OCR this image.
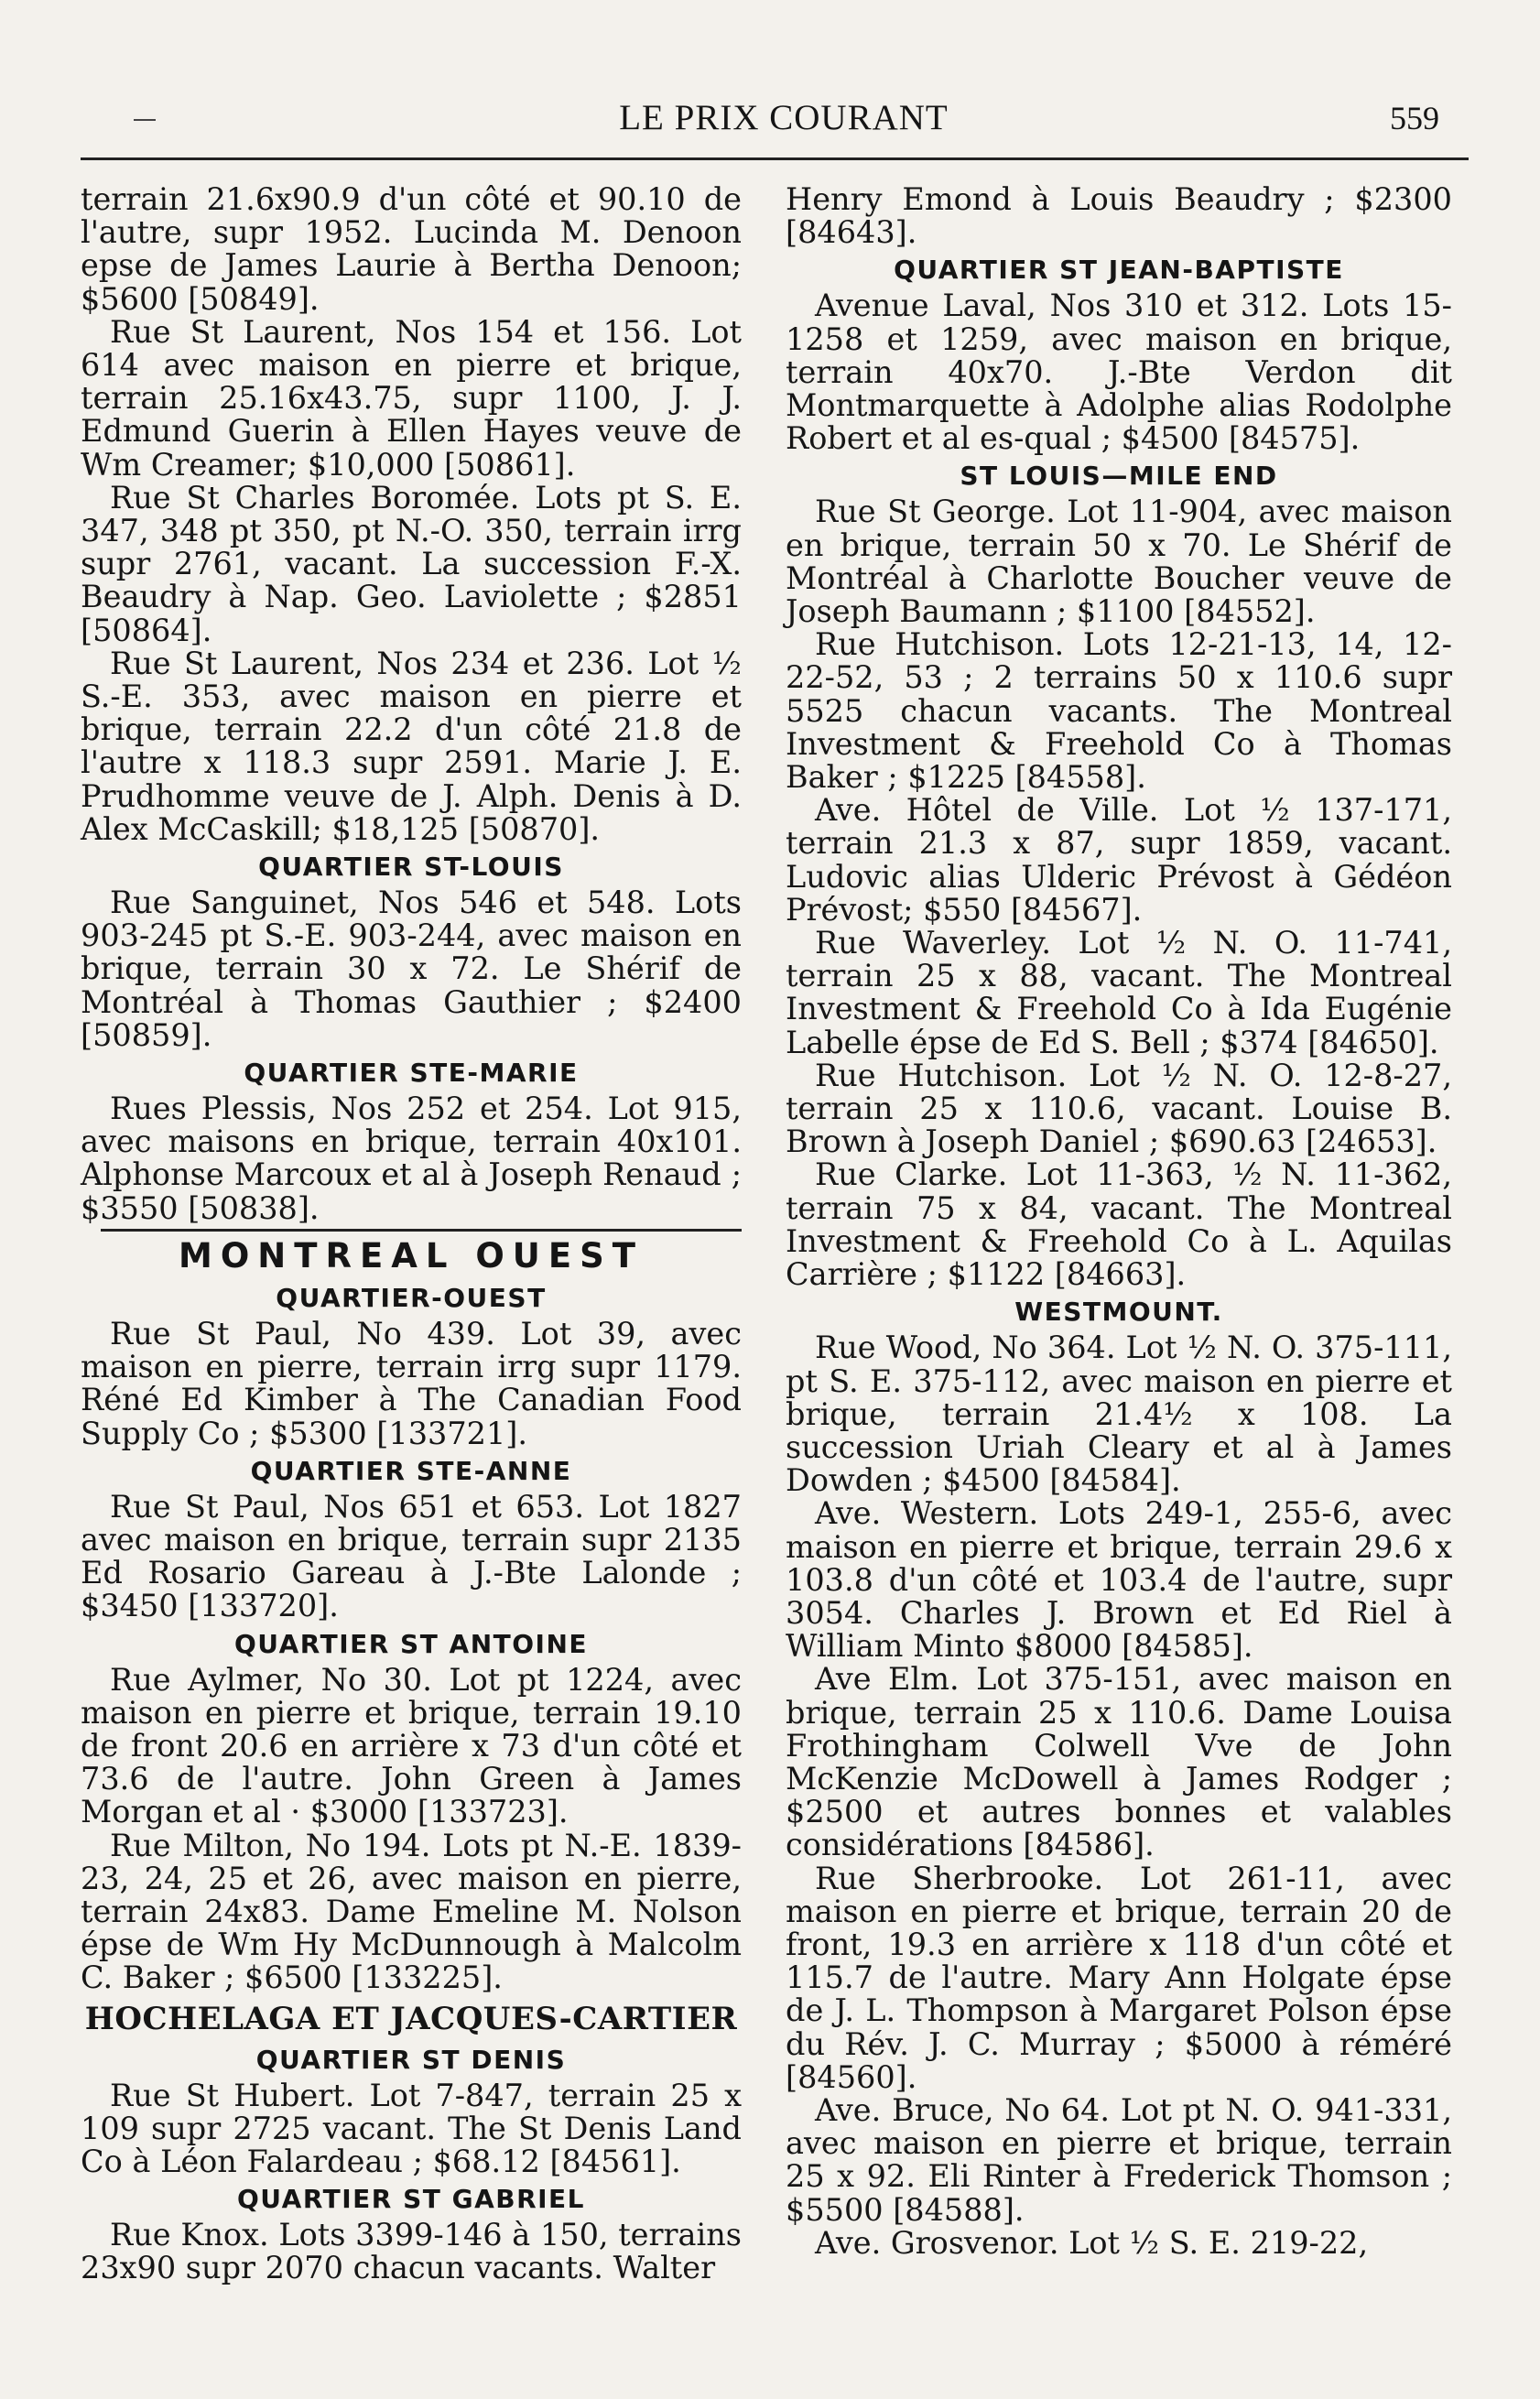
LE PRIX COURANT	559
terrain 21.6x90.9 d'un côté et 90.10 de l'autre, supr 1952. Lucinda M. Denoon epse de James Laurie à Bertha Denoon; $5600 [50849].
Rue St Laurent, Nos 154 et 156. Lot 614 avec maison en pierre et brique, terrain 25.16x43.75, supr 1100, J. J. Edmund Guerin à Ellen Hayes veuve de Wm Creamer; $10,000 [50861].
Rue St Charles Boromée. Lots pt S. E. 347, 348 pt 350, pt N.-O. 350, terrain irrg supr 2761, vacant. La succession F.-X. Beaudry à Nap. Geo. Laviolette ; $2851 [50864].
Rue St Laurent, Nos 234 et 236. Lot ½ S.-E. 353, avec maison en pierre et brique, terrain 22.2 d'un côté 21.8 de l'autre x 118.3 supr 2591. Marie J. E. Prudhomme veuve de J. Alph. Denis à D. Alex McCaskill; $18,125 [50870].
QUARTIER ST-LOUIS
Rue Sanguinet, Nos 546 et 548. Lots 903-245 pt S.-E. 903-244, avec maison en brique, terrain 30 x 72. Le Shérif de Montréal à Thomas Gauthier ; $2400 [50859].
QUARTIER STE-MARIE
Rues Plessis, Nos 252 et 254. Lot 915, avec maisons en brique, terrain 40x101. Alphonse Marcoux et al à Joseph Renaud ; $3550 [50838].
MONTREAL OUEST
QUARTIER-OUEST
Rue St Paul, No 439. Lot 39, avec maison en pierre, terrain irrg supr 1179. Réné Ed Kimber à The Canadian Food Supply Co ; $5300 [133721].
QUARTIER STE-ANNE
Rue St Paul, Nos 651 et 653. Lot 1827 avec maison en brique, terrain supr 2135 Ed Rosario Gareau à J.-Bte Lalonde ; $3450 [133720].
QUARTIER ST ANTOINE
Rue Aylmer, No 30. Lot pt 1224, avec maison en pierre et brique, terrain 19.10 de front 20.6 en arrière x 73 d'un côté et 73.6 de l'autre. John Green à James Morgan et al · $3000 [133723].
Rue Milton, No 194. Lots pt N.-E. 1839-23, 24, 25 et 26, avec maison en pierre, terrain 24x83. Dame Emeline M. Nolson épse de Wm Hy McDunnough à Malcolm C. Baker ; $6500 [133225].
HOCHELAGA ET JACQUES-CARTIER
QUARTIER ST DENIS
Rue St Hubert. Lot 7-847, terrain 25 x 109 supr 2725 vacant. The St Denis Land Co à Léon Falardeau ; $68.12 [84561].
QUARTIER ST GABRIEL
Rue Knox. Lots 3399-146 à 150, terrains 23x90 supr 2070 chacun vacants. Walter
Henry Emond à Louis Beaudry ; $2300 [84643].
QUARTIER ST JEAN-BAPTISTE
Avenue Laval, Nos 310 et 312. Lots 15-1258 et 1259, avec maison en brique, terrain 40x70. J.-Bte Verdon dit Montmarquette à Adolphe alias Rodolphe Robert et al es-qual ; $4500 [84575].
ST LOUIS—MILE END
Rue St George. Lot 11-904, avec maison en brique, terrain 50 x 70. Le Shérif de Montréal à Charlotte Boucher veuve de Joseph Baumann ; $1100 [84552].
Rue Hutchison. Lots 12-21-13, 14, 12-22-52, 53 ; 2 terrains 50 x 110.6 supr 5525 chacun vacants. The Montreal Investment & Freehold Co à Thomas Baker ; $1225 [84558].
Ave. Hôtel de Ville. Lot ½ 137-171, terrain 21.3 x 87, supr 1859, vacant. Ludovic alias Ulderic Prévost à Gédéon Prévost; $550 [84567].
Rue Waverley. Lot ½ N. O. 11-741, terrain 25 x 88, vacant. The Montreal Investment & Freehold Co à Ida Eugénie Labelle épse de Ed S. Bell ; $374 [84650].
Rue Hutchison. Lot ½ N. O. 12-8-27, terrain 25 x 110.6, vacant. Louise B. Brown à Joseph Daniel ; $690.63 [24653].
Rue Clarke. Lot 11-363, ½ N. 11-362, terrain 75 x 84, vacant. The Montreal Investment & Freehold Co à L. Aquilas Carrière ; $1122 [84663].
WESTMOUNT.
Rue Wood, No 364. Lot ½ N. O. 375-111, pt S. E. 375-112, avec maison en pierre et brique, terrain 21.4½ x 108. La succession Uriah Cleary et al à James Dowden ; $4500 [84584].
Ave. Western. Lots 249-1, 255-6, avec maison en pierre et brique, terrain 29.6 x 103.8 d'un côté et 103.4 de l'autre, supr 3054. Charles J. Brown et Ed Riel à William Minto $8000 [84585].
Ave Elm. Lot 375-151, avec maison en brique, terrain 25 x 110.6. Dame Louisa Frothingham Colwell Vve de John McKenzie McDowell à James Rodger ; $2500 et autres bonnes et valables considérations [84586].
Rue Sherbrooke. Lot 261-11, avec maison en pierre et brique, terrain 20 de front, 19.3 en arrière x 118 d'un côté et 115.7 de l'autre. Mary Ann Holgate épse de J. L. Thompson à Margaret Polson épse du Rév. J. C. Murray ; $5000 à réméré [84560].
Ave. Bruce, No 64. Lot pt N. O. 941-331, avec maison en pierre et brique, terrain 25 x 92. Eli Rinter à Frederick Thomson ; $5500 [84588].
Ave. Grosvenor. Lot ½ S. E. 219-22,
